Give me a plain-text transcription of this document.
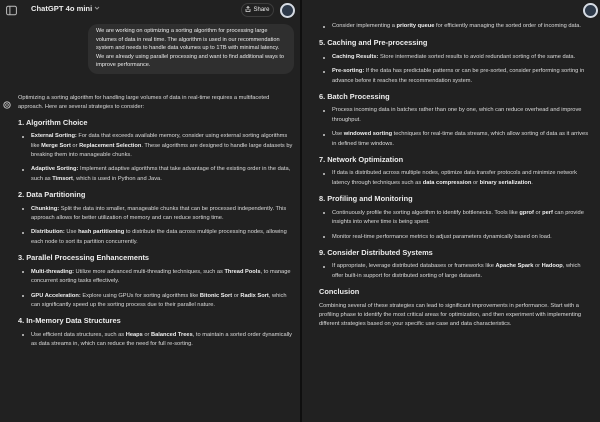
ChatGPT 4o mini	Share
We are working on optimizing a sorting algorithm for processing large volumes of data in real time. The algorithm is used in our recommendation system and needs to handle data volumes up to 1TB with minimal latency. We are already using parallel processing and want to find additional ways to improve performance.

Optimizing a sorting algorithm for handling large volumes of data in real-time requires a multifaceted approach. Here are several strategies to consider:

1. Algorithm Choice
External Sorting: For data that exceeds available memory, consider using external sorting algorithms like Merge Sort or Replacement Selection. These algorithms are designed to handle large datasets by breaking them into manageable chunks.
Adaptive Sorting: Implement adaptive algorithms that take advantage of the existing order in the data, such as Timsort, which is used in Python and Java.
2. Data Partitioning
Chunking: Split the data into smaller, manageable chunks that can be processed independently. This approach allows for better utilization of memory and can reduce sorting time.
Distribution: Use hash partitioning to distribute the data across multiple processing nodes, allowing each node to sort its partition concurrently.
3. Parallel Processing Enhancements
Multi-threading: Utilize more advanced multi-threading techniques, such as Thread Pools, to manage concurrent sorting tasks effectively.
GPU Acceleration: Explore using GPUs for sorting algorithms like Bitonic Sort or Radix Sort, which can significantly speed up the sorting process due to their parallel nature.
4. In-Memory Data Structures
Use efficient data structures, such as Heaps or Balanced Trees, to maintain a sorted order dynamically as data streams in, which can reduce the need for full re-sorting.
Consider implementing a priority queue for efficiently managing the sorted order of incoming data.
5. Caching and Pre-processing
Caching Results: Store intermediate sorted results to avoid redundant sorting of the same data.
Pre-sorting: If the data has predictable patterns or can be pre-sorted, consider performing sorting in advance before it reaches the recommendation system.
6. Batch Processing
Process incoming data in batches rather than one by one, which can reduce overhead and improve throughput.
Use windowed sorting techniques for real-time data streams, which allow sorting of data as it arrives in defined time windows.
7. Network Optimization
If data is distributed across multiple nodes, optimize data transfer protocols and minimize network latency through techniques such as data compression or binary serialization.
8. Profiling and Monitoring
Continuously profile the sorting algorithm to identify bottlenecks. Tools like gprof or perf can provide insights into where time is being spent.
Monitor real-time performance metrics to adjust parameters dynamically based on load.
9. Consider Distributed Systems
If appropriate, leverage distributed databases or frameworks like Apache Spark or Hadoop, which offer built-in support for distributed sorting of large datasets.
Conclusion

Combining several of these strategies can lead to significant improvements in performance. Start with a profiling phase to identify the most critical areas for optimization, and then experiment with implementing different strategies based on your specific use case and data characteristics.
